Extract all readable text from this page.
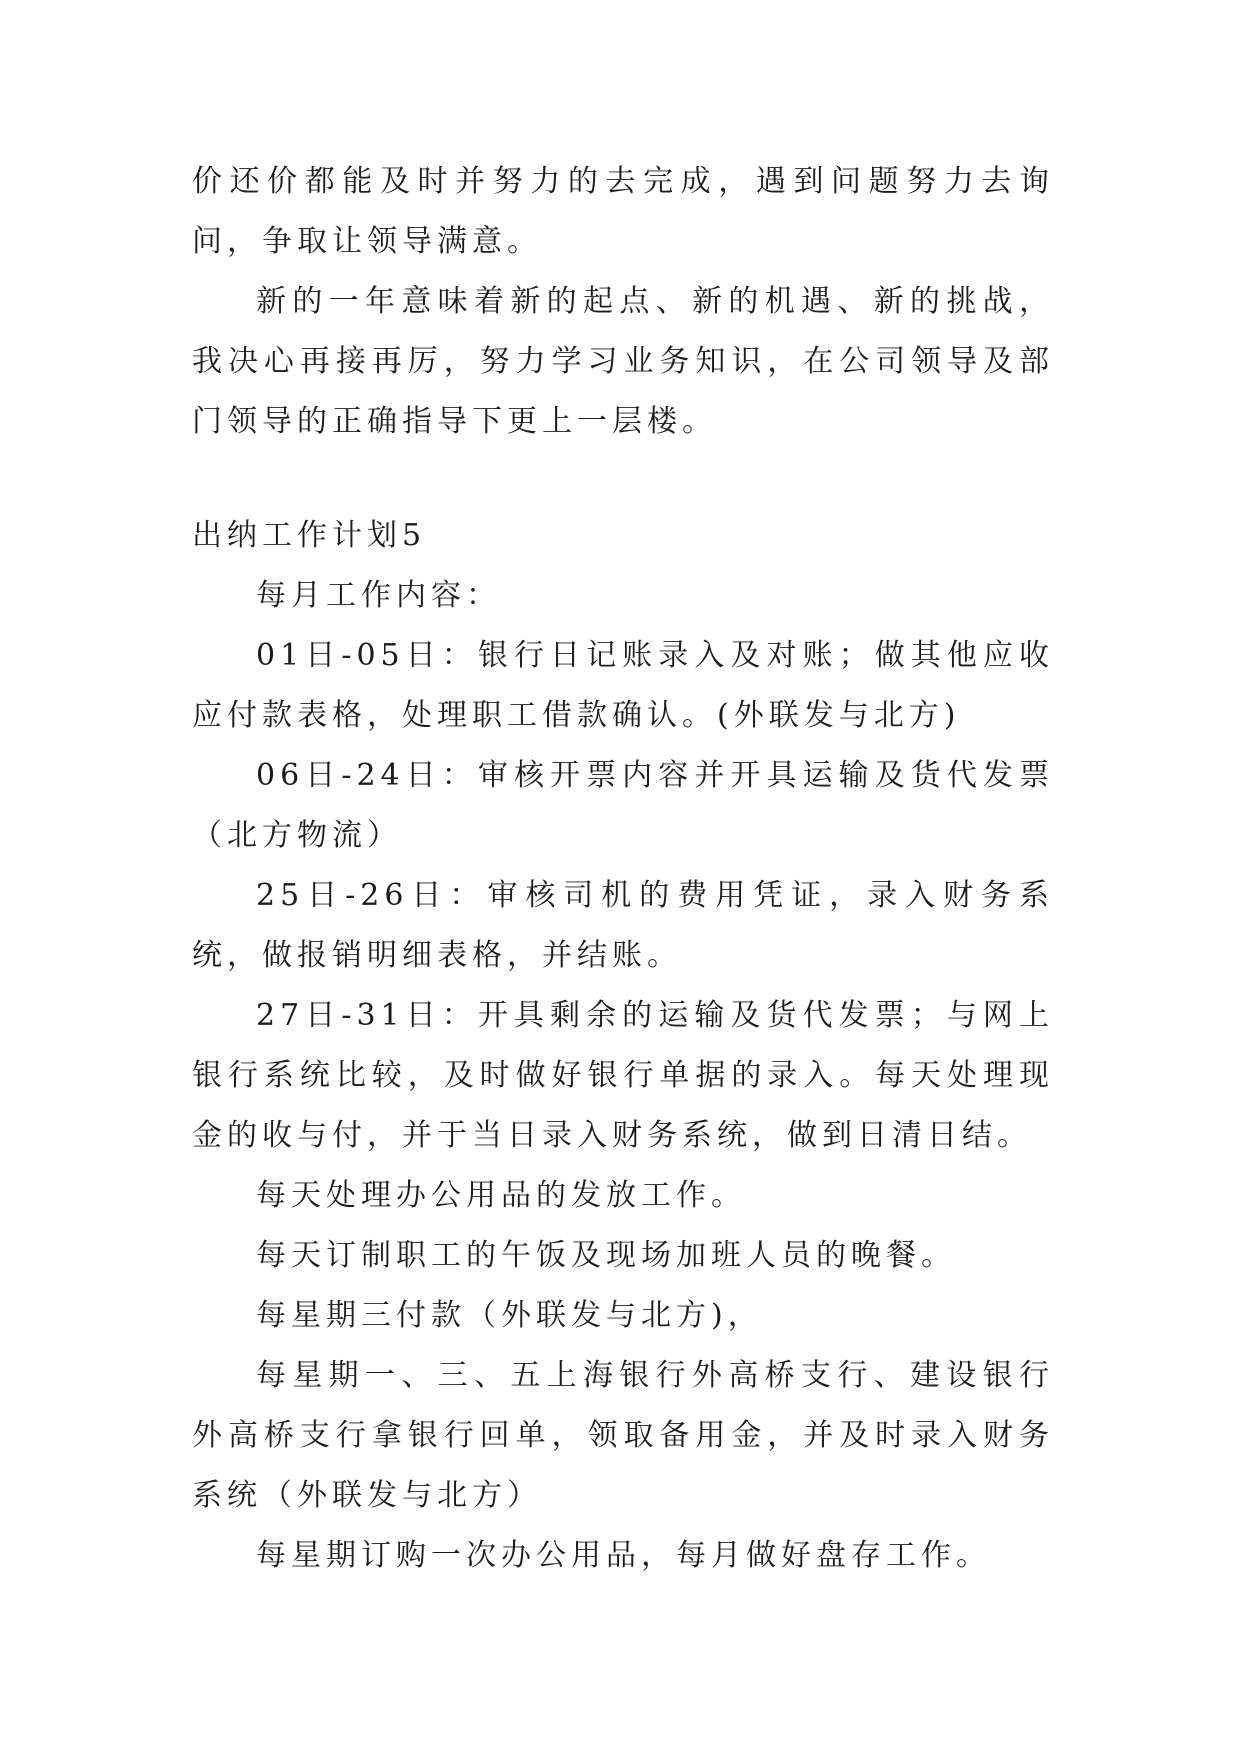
价还价都能及时并努力的去完成，遇到问题努力去询问，争取让领导满意。

新的一年意味着新的起点、新的机遇、新的挑战，我决心再接再厉，努力学习业务知识，在公司领导及部门领导的正确指导下更上一层楼。

出纳工作计划5

每月工作内容：

01日-05日：银行日记账录入及对账；做其他应收应付款表格，处理职工借款确认。(外联发与北方)

06日-24日：审核开票内容并开具运输及货代发票（北方物流）

25日-26日：审核司机的费用凭证，录入财务系统，做报销明细表格，并结账。

27日-31日：开具剩余的运输及货代发票；与网上银行系统比较，及时做好银行单据的录入。每天处理现金的收与付，并于当日录入财务系统，做到日清日结。

每天处理办公用品的发放工作。

每天订制职工的午饭及现场加班人员的晚餐。

每星期三付款（外联发与北方)，

每星期一、三、五上海银行外高桥支行、建设银行外高桥支行拿银行回单，领取备用金，并及时录入财务系统（外联发与北方）

每星期订购一次办公用品，每月做好盘存工作。
